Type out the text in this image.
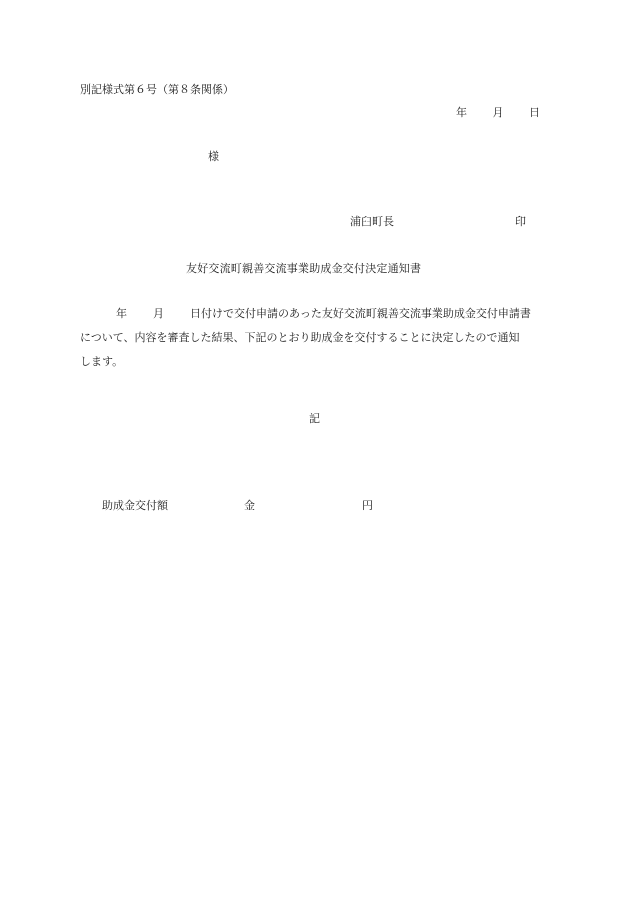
別記様式第６号（第８条関係）
年 月 日
様
浦臼町長	印
友好交流町親善交流事業助成金交付決定通知書
年 月 日付けで交付申請のあった友好交流町親善交流事業助成金交付申請書
について、内容を審査した結果、下記のとおり助成金を交付することに決定したので通知
します。
記
助成金交付額	金	円
